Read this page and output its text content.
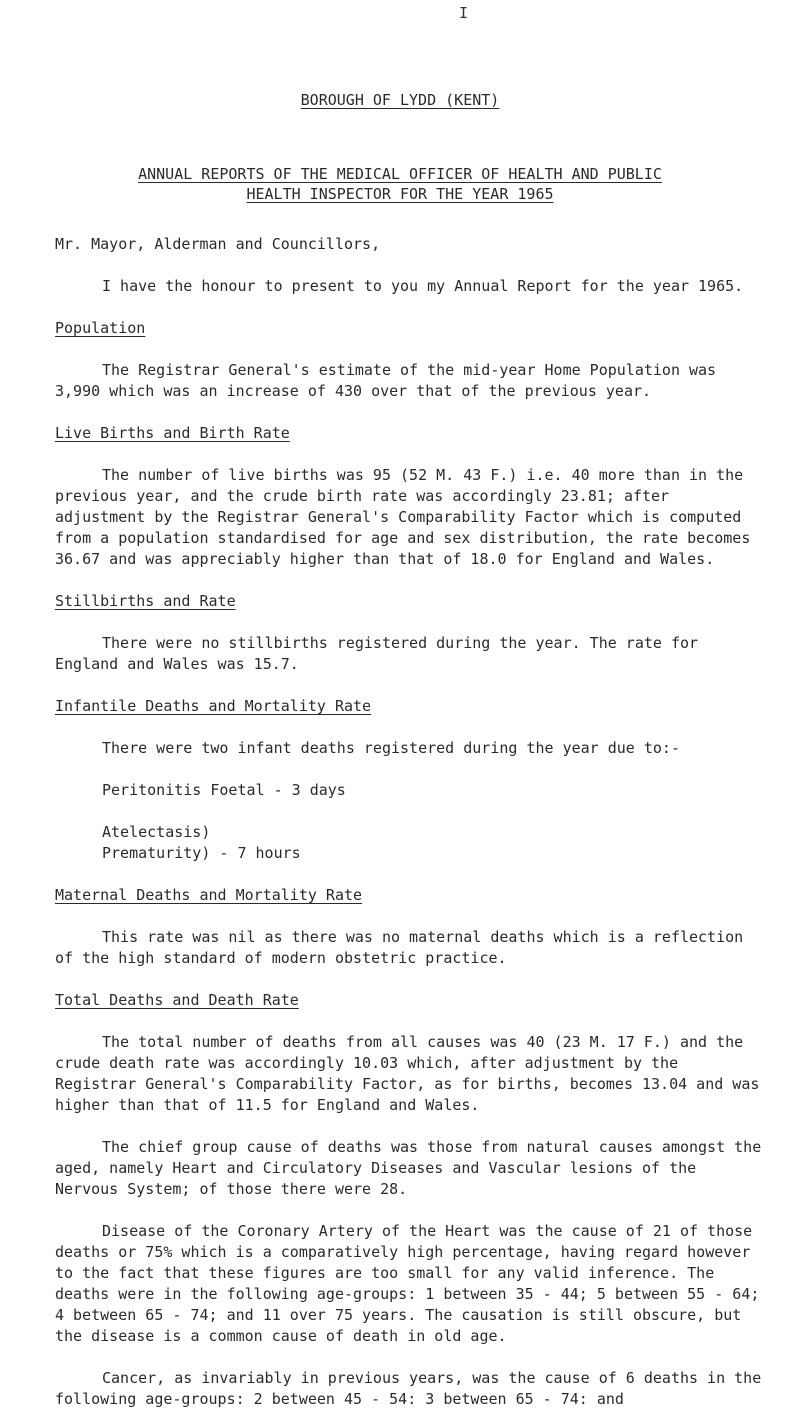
I
BOROUGH OF LYDD (KENT)
ANNUAL REPORTS OF THE MEDICAL OFFICER OF HEALTH AND PUBLIC
HEALTH INSPECTOR FOR THE YEAR 1965

Mr. Mayor, Alderman and Councillors,

I have the honour to present to you my Annual Report for the year 1965.

Population

The Registrar General's estimate of the mid-year Home Population was 3,990 which was an increase of 430 over that of the previous year.

Live Births and Birth Rate

The number of live births was 95 (52 M. 43 F.) i.e. 40 more than in the previous year, and the crude birth rate was accordingly 23.81; after adjustment by the Registrar General's Comparability Factor which is computed from a population standardised for age and sex distribution, the rate becomes 36.67 and was appreciably higher than that of 18.0 for England and Wales.

Stillbirths and Rate

There were no stillbirths registered during the year. The rate for England and Wales was 15.7.

Infantile Deaths and Mortality Rate

There were two infant deaths registered during the year due to:-

Peritonitis Foetal - 3 days

Atelectasis)

Prematurity) - 7 hours

Maternal Deaths and Mortality Rate

This rate was nil as there was no maternal deaths which is a reflection of the high standard of modern obstetric practice.

Total Deaths and Death Rate

The total number of deaths from all causes was 40 (23 M. 17 F.) and the crude death rate was accordingly 10.03 which, after adjustment by the Registrar General's Comparability Factor, as for births, becomes 13.04 and was higher than that of 11.5 for England and Wales.

The chief group cause of deaths was those from natural causes amongst the aged, namely Heart and Circulatory Diseases and Vascular lesions of the Nervous System; of those there were 28.

Disease of the Coronary Artery of the Heart was the cause of 21 of those deaths or 75% which is a comparatively high percentage, having regard however to the fact that these figures are too small for any valid inference. The deaths were in the following age-groups: 1 between 35 - 44; 5 between 55 - 64; 4 between 65 - 74; and 11 over 75 years. The causation is still obscure, but the disease is a common cause of death in old age.

Cancer, as invariably in previous years, was the cause of 6 deaths in the following age-groups: 2 between 45 - 54: 3 between 65 - 74: and
